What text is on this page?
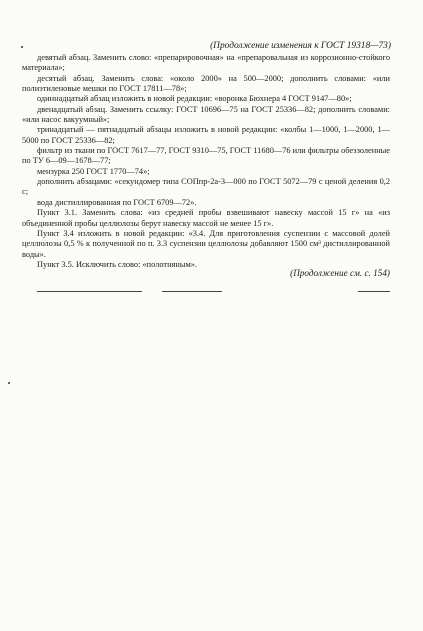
(Продолжение изменения к ГОСТ 19318—73)

девятый абзац. Заменить слово: «препарировочная» на «препаровальная из коррозионно-стойкого материала»;

десятый абзац. Заменить слова: «около 2000» на 500—2000; дополнить словами: «или полиэтиленовые мешки по ГОСТ 17811—78»;

одиннадцатый абзац изложить в новой редакции: «воронка Бюхнера 4 ГОСТ 9147—80»;

двенадцатый абзац. Заменить ссылку: ГОСТ 10696—75 на ГОСТ 25336—82; дополнить словами: «или насос вакуумный»;

тринадцатый — пятнадцатый абзацы изложить в новой редакции: «колбы 1—1000, 1—2000, 1—5000 по ГОСТ 25336—82;

фильтр из ткани по ГОСТ 7617—77, ГОСТ 9310—75, ГОСТ 11680—76 или фильтры обеззоленные по ТУ 6—09—1678—77;

мензурка 250 ГОСТ 1770—74»;

дополнить абзацами: «секундомер типа СОПпр-2а-3—000 по ГОСТ 5072—79 с ценой деления 0,2 с;

вода дистиллированная по ГОСТ 6709—72».

Пункт 3.1. Заменить слова: «из средней пробы взвешивают навеску массой 15 г» на «из объединенной пробы целлюлозы берут навеску массой не менее 15 г».

Пункт 3.4 изложить в новой редакции: «3.4. Для приготовления суспензии с массовой долей целлюлозы 0,5 % к полученной по п. 3.3 суспензии целлюлозы добавляют 1500 см³ дистиллированной воды».

Пункт 3.5. Исключить слово: «полотняным».

(Продолжение см. с. 154)
